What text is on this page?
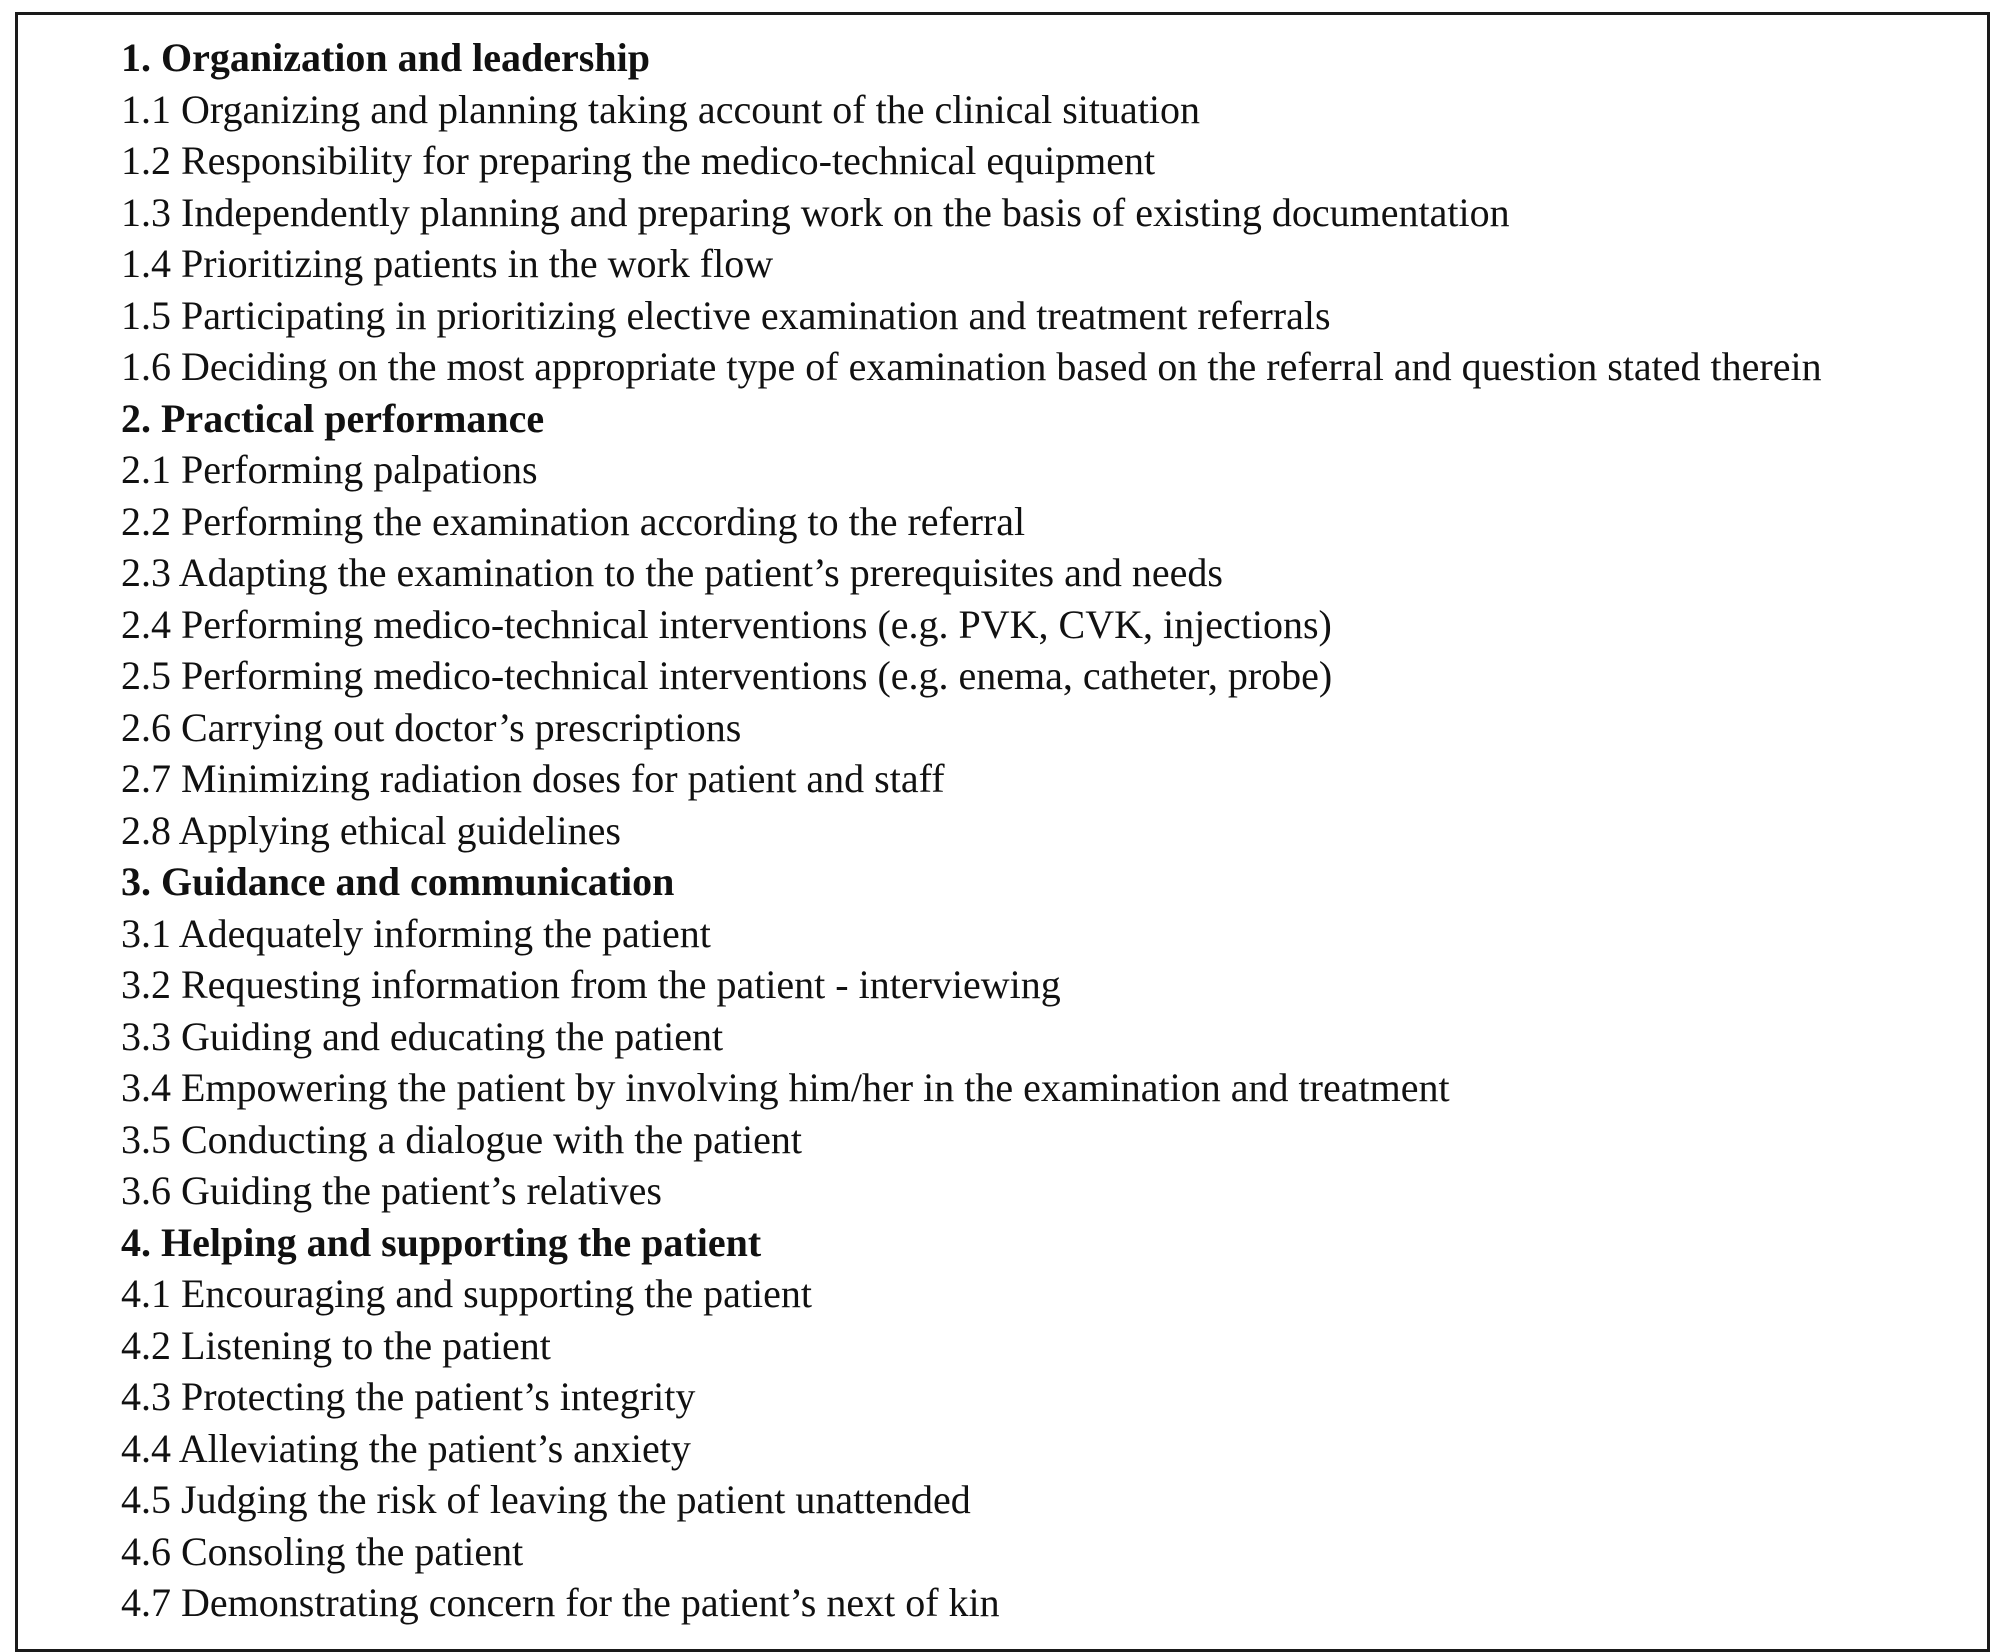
1. Organization and leadership
1.1 Organizing and planning taking account of the clinical situation
1.2 Responsibility for preparing the medico-technical equipment
1.3 Independently planning and preparing work on the basis of existing documentation
1.4 Prioritizing patients in the work flow
1.5 Participating in prioritizing elective examination and treatment referrals
1.6 Deciding on the most appropriate type of examination based on the referral and question stated therein
2. Practical performance
2.1 Performing palpations
2.2 Performing the examination according to the referral
2.3 Adapting the examination to the patient’s prerequisites and needs
2.4 Performing medico-technical interventions (e.g. PVK, CVK, injections)
2.5 Performing medico-technical interventions (e.g. enema, catheter, probe)
2.6 Carrying out doctor’s prescriptions
2.7 Minimizing radiation doses for patient and staff
2.8 Applying ethical guidelines
3. Guidance and communication
3.1 Adequately informing the patient
3.2 Requesting information from the patient - interviewing
3.3 Guiding and educating the patient
3.4 Empowering the patient by involving him/her in the examination and treatment
3.5 Conducting a dialogue with the patient
3.6 Guiding the patient’s relatives
4. Helping and supporting the patient
4.1 Encouraging and supporting the patient
4.2 Listening to the patient
4.3 Protecting the patient’s integrity
4.4 Alleviating the patient’s anxiety
4.5 Judging the risk of leaving the patient unattended
4.6 Consoling the patient
4.7 Demonstrating concern for the patient’s next of kin
